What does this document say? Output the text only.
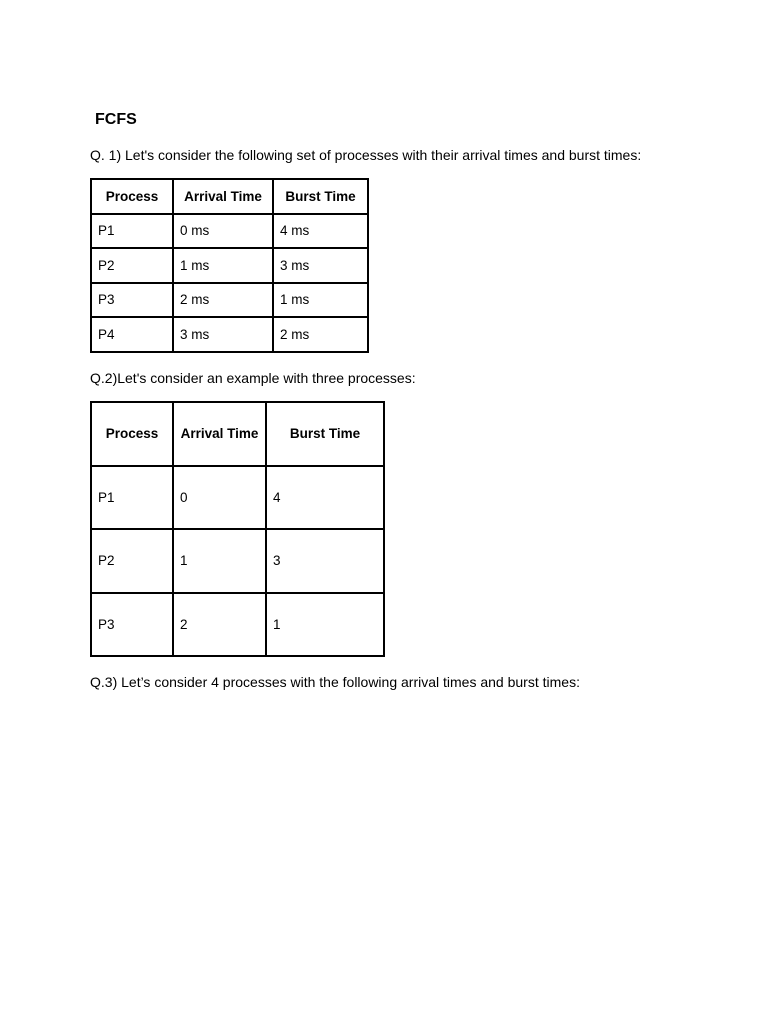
FCFS

Q. 1) Let's consider the following set of processes with their arrival times and burst times:

Process	Arrival Time	Burst Time
P1	0 ms	4 ms
P2	1 ms	3 ms
P3	2 ms	1 ms
P4	3 ms	2 ms

Q.2)Let's consider an example with three processes:

Process	Arrival Time	Burst Time
P1	0	4
P2	1	3
P3	2	1

Q.3) Let’s consider 4 processes with the following arrival times and burst times:
